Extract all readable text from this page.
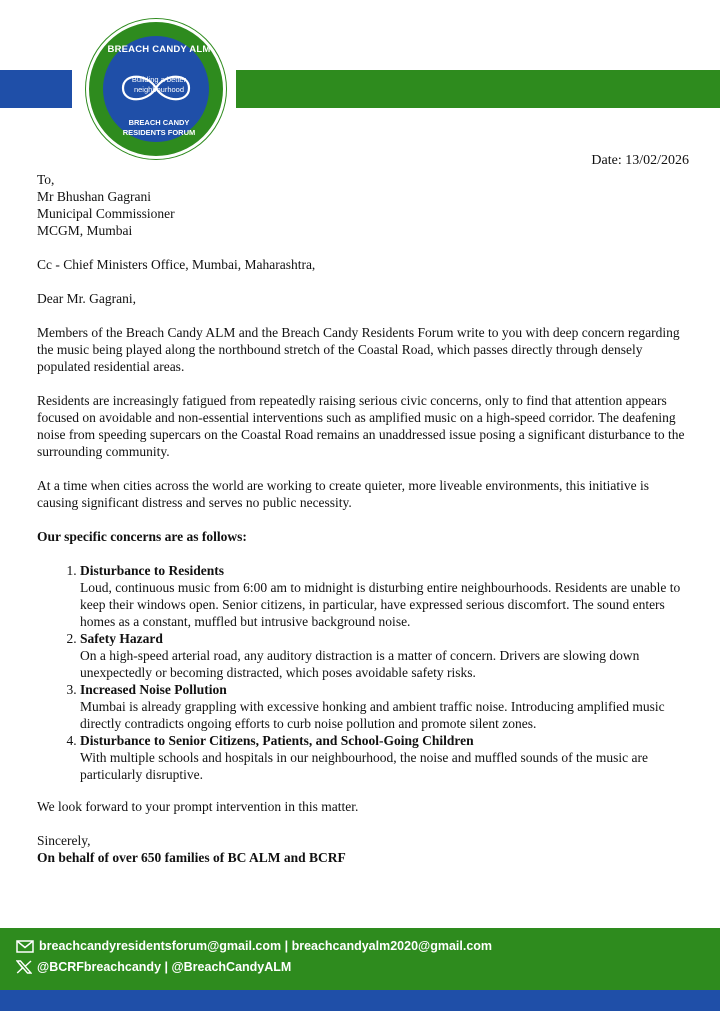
BREACH CANDY ALM
Building a better
neighbourhood
BREACH CANDY
RESIDENTS FORUM
Date: 13/02/2026

To,
Mr Bhushan Gagrani
Municipal Commissioner
MCGM, Mumbai

Cc - Chief Ministers Office, Mumbai, Maharashtra,

Dear Mr. Gagrani,

Members of the Breach Candy ALM and the Breach Candy Residents Forum write to you with deep concern regarding the music being played along the northbound stretch of the Coastal Road, which passes directly through densely populated residential areas.

Residents are increasingly fatigued from repeatedly raising serious civic concerns, only to find that attention appears focused on avoidable and non-essential interventions such as amplified music on a high-speed corridor. The deafening noise from speeding supercars on the Coastal Road remains an unaddressed issue posing a significant disturbance to the surrounding community.

At a time when cities across the world are working to create quieter, more liveable environments, this initiative is causing significant distress and serves no public necessity.

Our specific concerns are as follows:

1. Disturbance to Residents
Loud, continuous music from 6:00 am to midnight is disturbing entire neighbourhoods. Residents are unable to keep their windows open. Senior citizens, in particular, have expressed serious discomfort. The sound enters homes as a constant, muffled but intrusive background noise.
2. Safety Hazard
On a high-speed arterial road, any auditory distraction is a matter of concern. Drivers are slowing down unexpectedly or becoming distracted, which poses avoidable safety risks.
3. Increased Noise Pollution
Mumbai is already grappling with excessive honking and ambient traffic noise. Introducing amplified music directly contradicts ongoing efforts to curb noise pollution and promote silent zones.
4. Disturbance to Senior Citizens, Patients, and School-Going Children
With multiple schools and hospitals in our neighbourhood, the noise and muffled sounds of the music are particularly disruptive.

We look forward to your prompt intervention in this matter.

Sincerely,
On behalf of over 650 families of BC ALM and BCRF
breachcandyresidentsforum@gmail.com | breachcandyalm2020@gmail.com
@BCRFbreachcandy | @BreachCandyALM
